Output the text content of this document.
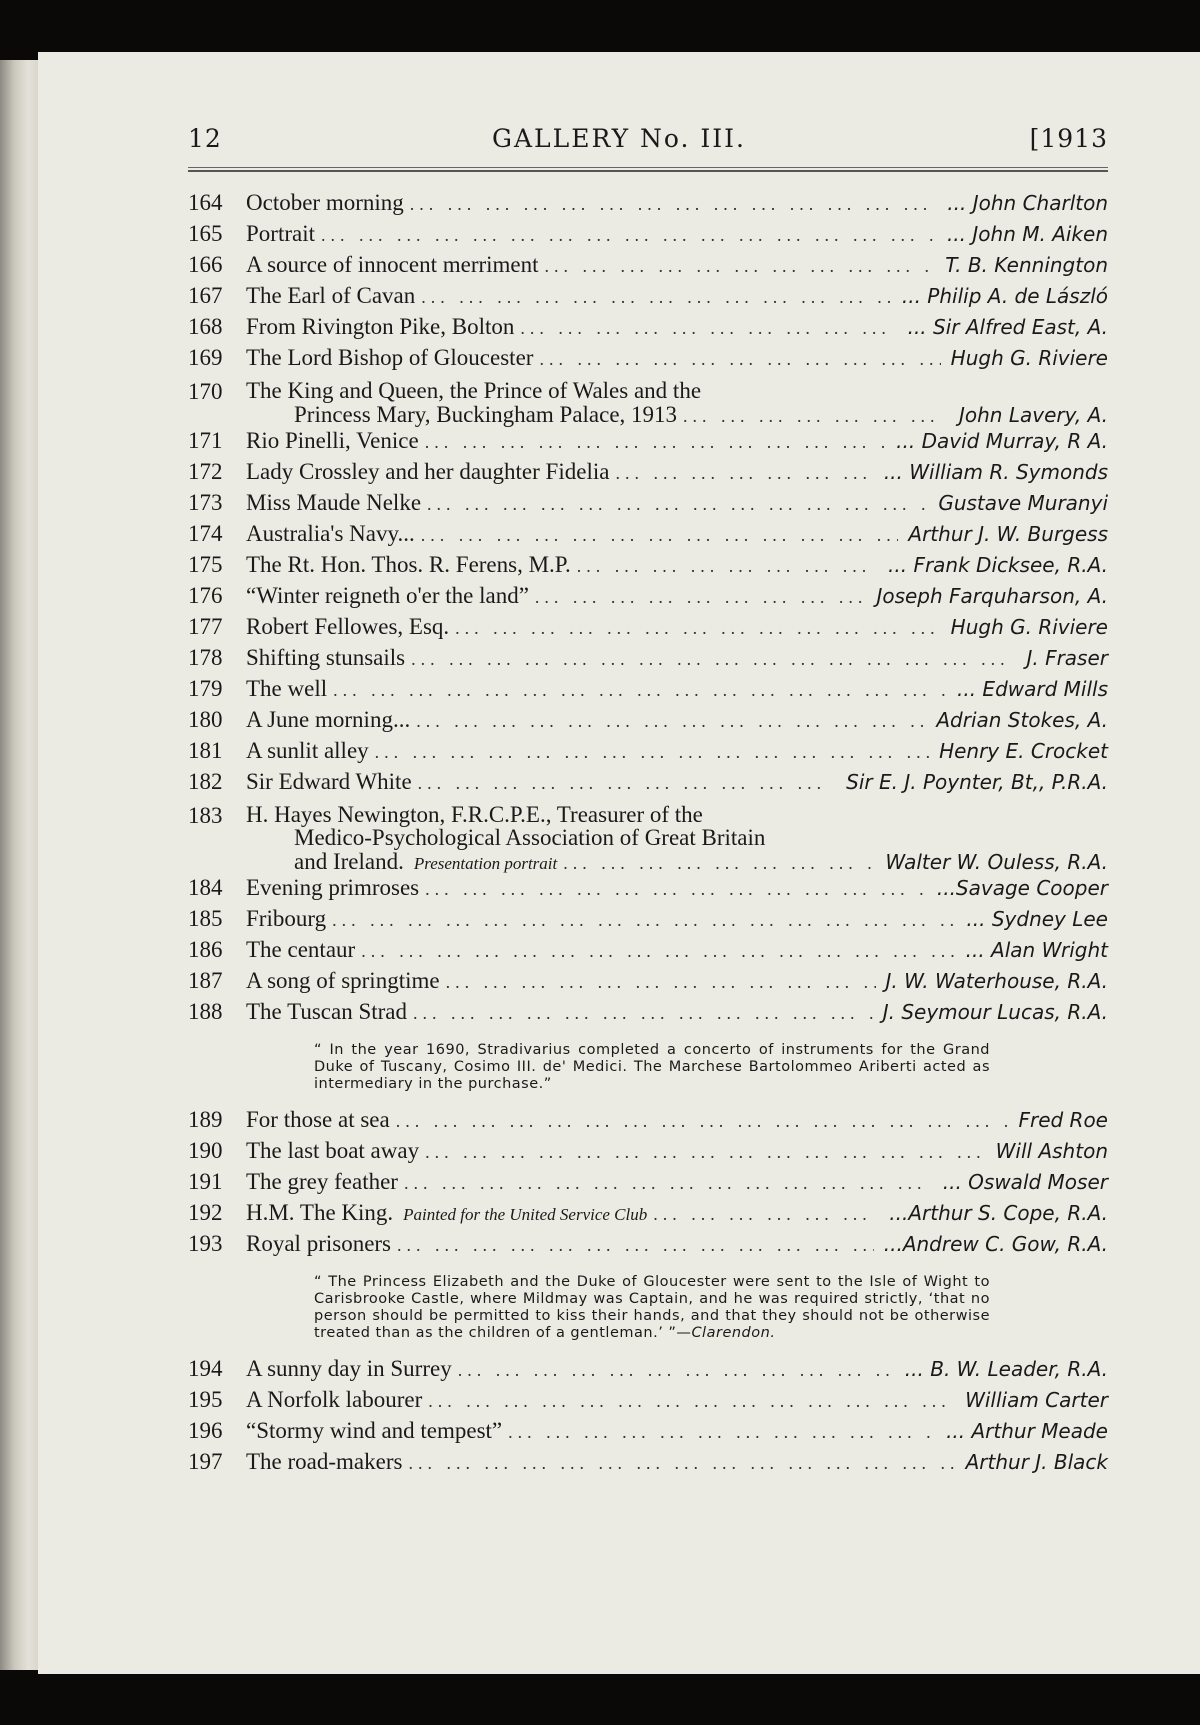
12	GALLERY No. III.	[1913
164	October morning ... .	... John Charlton
165	Portrait ... .	... John M. Aiken
166	A source of innocent merriment ... .	T. B. Kennington
167	The Earl of Cavan ... .	... Philip A. de László
168	From Rivington Pike, Bolton ... .	... Sir Alfred East, A.
169	The Lord Bishop of Gloucester ... .	Hugh G. Riviere
170	The King and Queen, the Prince of Wales and the
Princess Mary, Buckingham Palace, 1913 ... .	John Lavery, A.
171	Rio Pinelli, Venice ... .	... David Murray, R A.
172	Lady Crossley and her daughter Fidelia ... .	... William R. Symonds
173	Miss Maude Nelke ... .	Gustave Muranyi
174	Australia's Navy... ... .	Arthur J. W. Burgess
175	The Rt. Hon. Thos. R. Ferens, M.P. ... .	... Frank Dicksee, R.A.
176	“Winter reigneth o'er the land” ... .	Joseph Farquharson, A.
177	Robert Fellowes, Esq. ... .	Hugh G. Riviere
178	Shifting stunsails ... .	J. Fraser
179	The well ... .	... Edward Mills
180	A June morning... ... .	Adrian Stokes, A.
181	A sunlit alley ... .	Henry E. Crocket
182	Sir Edward White ... .	Sir E. J. Poynter, Bt,, P.R.A.
183	H. Hayes Newington, F.R.C.P.E., Treasurer of the
Medico-Psychological Association of Great Britain
and Ireland. Presentation portrait ... .	Walter W. Ouless, R.A.
184	Evening primroses ... .	...Savage Cooper
185	Fribourg ... .	... Sydney Lee
186	The centaur ... .	... Alan Wright
187	A song of springtime ... .	J. W. Waterhouse, R.A.
188	The Tuscan Strad ... .	J. Seymour Lucas, R.A.
“ In the year 1690, Stradivarius completed a concerto of instruments for the Grand Duke of Tuscany, Cosimo III. de' Medici. The Marchese Bartolommeo Ariberti acted as intermediary in the purchase.”
189	For those at sea ... .	Fred Roe
190	The last boat away ... .	Will Ashton
191	The grey feather ... .	... Oswald Moser
192	H.M. The King. Painted for the United Service Club ... .	...Arthur S. Cope, R.A.
193	Royal prisoners ... .	...Andrew C. Gow, R.A.
“ The Princess Elizabeth and the Duke of Gloucester were sent to the Isle of Wight to Carisbrooke Castle, where Mildmay was Captain, and he was required strictly, ‘that no person should be permitted to kiss their hands, and that they should not be otherwise treated than as the children of a gentleman.’ ”—Clarendon.
194	A sunny day in Surrey ... .	... B. W. Leader, R.A.
195	A Norfolk labourer ... .	William Carter
196	“Stormy wind and tempest” ... .	... Arthur Meade
197	The road-makers ... .	Arthur J. Black
